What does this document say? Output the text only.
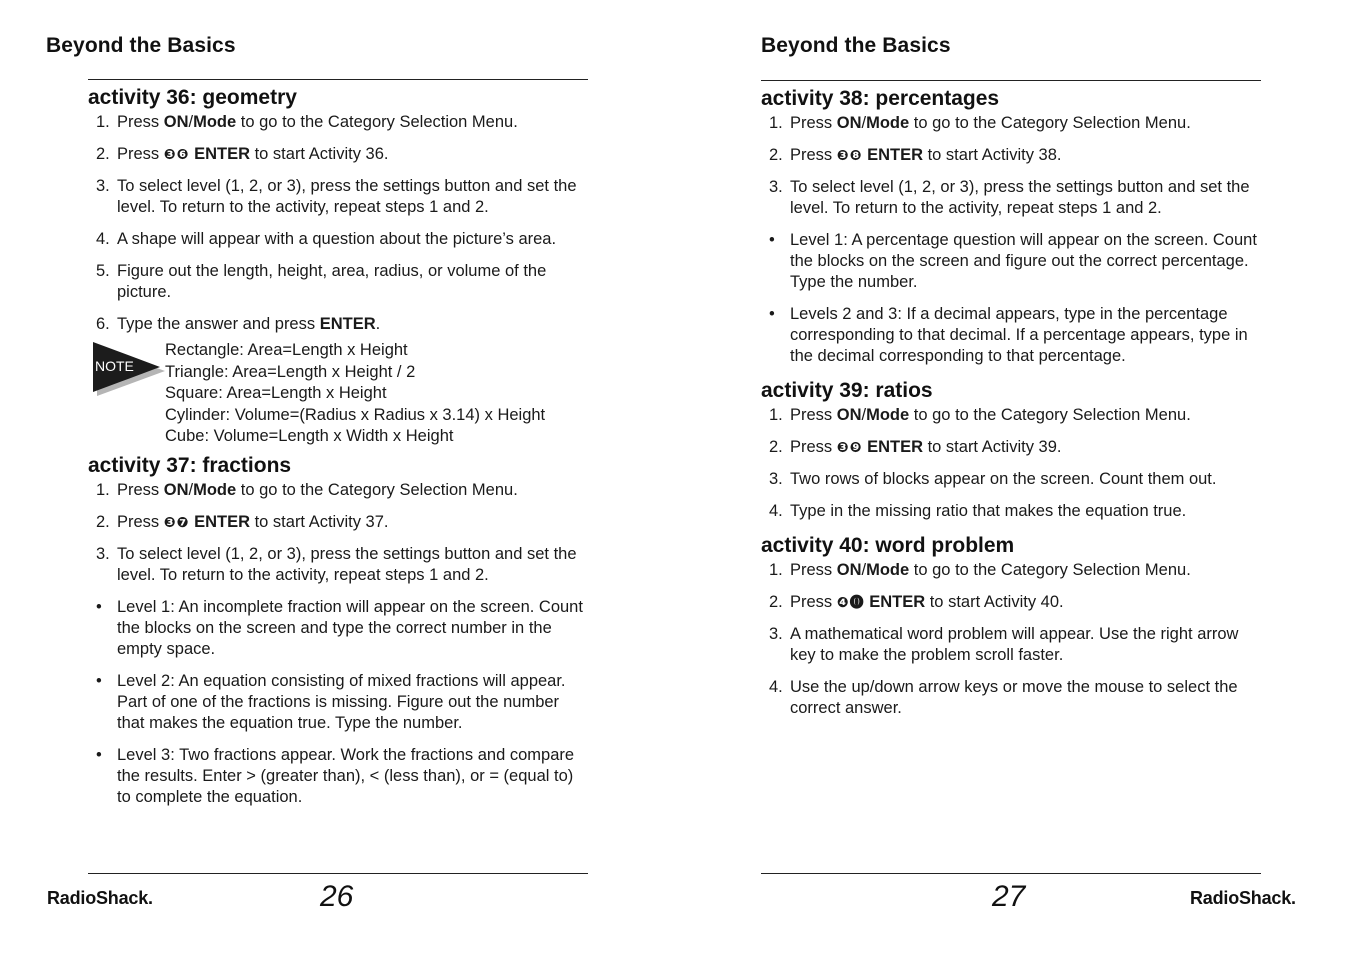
Beyond the Basics
activity 36: geometry
1. Press ON/Mode to go to the Category Selection Menu.
2. Press ❸❻ ENTER to start Activity 36.
3. To select level (1, 2, or 3), press the settings button and set the level. To return to the activity, repeat steps 1 and 2.
4. A shape will appear with a question about the picture’s area.
5. Figure out the length, height, area, radius, or volume of the picture.
6. Type the answer and press ENTER.
NOTE
Rectangle: Area=Length x Height
Triangle: Area=Length x Height / 2
Square: Area=Length x Height
Cylinder: Volume=(Radius x Radius x 3.14) x Height
Cube: Volume=Length x Width x Height
activity 37: fractions
1. Press ON/Mode to go to the Category Selection Menu.
2. Press ❸❼ ENTER to start Activity 37.
3. To select level (1, 2, or 3), press the settings button and set the level. To return to the activity, repeat steps 1 and 2.
• Level 1: An incomplete fraction will appear on the screen. Count the blocks on the screen and type the correct number in the empty space.
• Level 2: An equation consisting of mixed fractions will appear. Part of one of the fractions is missing. Figure out the number that makes the equation true. Type the number.
• Level 3: Two fractions appear. Work the fractions and compare the results. Enter > (greater than), < (less than), or = (equal to) to complete the equation.
RadioShack.	26
Beyond the Basics
activity 38: percentages
1. Press ON/Mode to go to the Category Selection Menu.
2. Press ❸❽ ENTER to start Activity 38.
3. To select level (1, 2, or 3), press the settings button and set the level. To return to the activity, repeat steps 1 and 2.
• Level 1: A percentage question will appear on the screen. Count the blocks on the screen and figure out the correct percentage. Type the number.
• Levels 2 and 3: If a decimal appears, type in the percentage corresponding to that decimal. If a percentage appears, type in the decimal corresponding to that percentage.
activity 39: ratios
1. Press ON/Mode to go to the Category Selection Menu.
2. Press ❸❾ ENTER to start Activity 39.
3. Two rows of blocks appear on the screen. Count them out.
4. Type in the missing ratio that makes the equation true.
activity 40: word problem
1. Press ON/Mode to go to the Category Selection Menu.
2. Press ❹⓿ ENTER to start Activity 40.
3. A mathematical word problem will appear. Use the right arrow key to make the problem scroll faster.
4. Use the up/down arrow keys or move the mouse to select the correct answer.
27	RadioShack.
